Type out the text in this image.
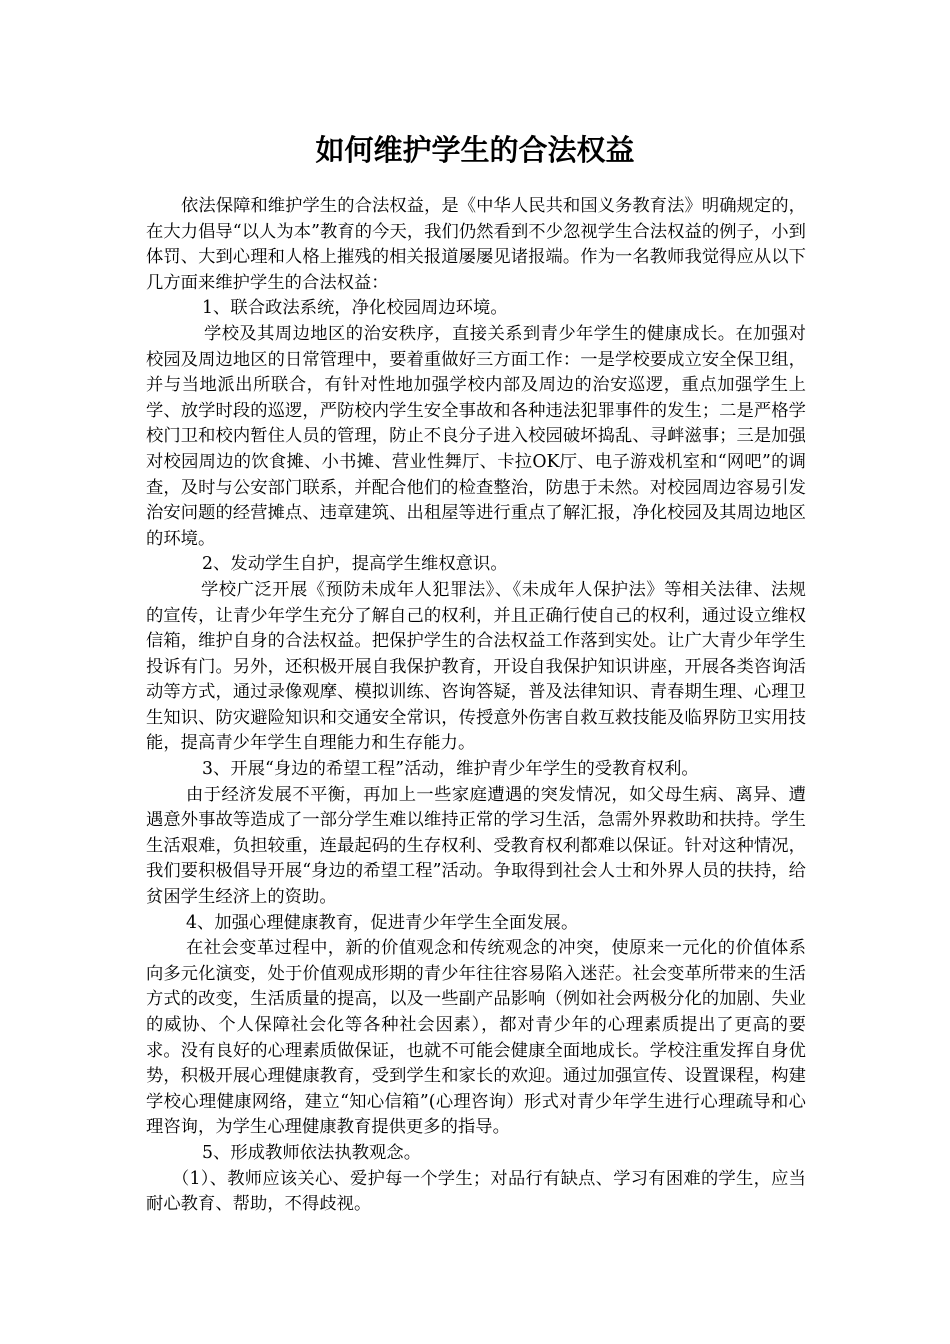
如何维护学生的合法权益

依法保障和维护学生的合法权益，是《中华人民共和国义务教育法》明确规定的，在大力倡导“以人为本”教育的今天，我们仍然看到不少忽视学生合法权益的例子，小到体罚、大到心理和人格上摧残的相关报道屡屡见诸报端。作为一名教师我觉得应从以下几方面来维护学生的合法权益：

1、联合政法系统，净化校园周边环境。

学校及其周边地区的治安秩序，直接关系到青少年学生的健康成长。在加强对校园及周边地区的日常管理中，要着重做好三方面工作：一是学校要成立安全保卫组，并与当地派出所联合，有针对性地加强学校内部及周边的治安巡逻，重点加强学生上学、放学时段的巡逻，严防校内学生安全事故和各种违法犯罪事件的发生；二是严格学校门卫和校内暂住人员的管理，防止不良分子进入校园破坏捣乱、寻衅滋事；三是加强对校园周边的饮食摊、小书摊、营业性舞厅、卡拉OK厅、电子游戏机室和“网吧”的调查，及时与公安部门联系，并配合他们的检查整治，防患于未然。对校园周边容易引发治安问题的经营摊点、违章建筑、出租屋等进行重点了解汇报，净化校园及其周边地区的环境。

2、发动学生自护，提高学生维权意识。

学校广泛开展《预防未成年人犯罪法》、《未成年人保护法》等相关法律、法规的宣传，让青少年学生充分了解自己的权利，并且正确行使自己的权利，通过设立维权信箱，维护自身的合法权益。把保护学生的合法权益工作落到实处。让广大青少年学生投诉有门。另外，还积极开展自我保护教育，开设自我保护知识讲座，开展各类咨询活动等方式，通过录像观摩、模拟训练、咨询答疑，普及法律知识、青春期生理、心理卫生知识、防灾避险知识和交通安全常识，传授意外伤害自救互救技能及临界防卫实用技能，提高青少年学生自理能力和生存能力。

3、开展“身边的希望工程”活动，维护青少年学生的受教育权利。

由于经济发展不平衡，再加上一些家庭遭遇的突发情况，如父母生病、离异、遭遇意外事故等造成了一部分学生难以维持正常的学习生活，急需外界救助和扶持。学生生活艰难，负担较重，连最起码的生存权利、受教育权利都难以保证。针对这种情况，我们要积极倡导开展“身边的希望工程”活动。争取得到社会人士和外界人员的扶持，给贫困学生经济上的资助。

4、加强心理健康教育，促进青少年学生全面发展。

在社会变革过程中，新的价值观念和传统观念的冲突，使原来一元化的价值体系向多元化演变，处于价值观成形期的青少年往往容易陷入迷茫。社会变革所带来的生活方式的改变，生活质量的提高，以及一些副产品影响（例如社会两极分化的加剧、失业的威协、个人保障社会化等各种社会因素），都对青少年的心理素质提出了更高的要求。没有良好的心理素质做保证，也就不可能会健康全面地成长。学校注重发挥自身优势，积极开展心理健康教育，受到学生和家长的欢迎。通过加强宣传、设置课程，构建学校心理健康网络，建立“知心信箱”(心理咨询）形式对青少年学生进行心理疏导和心理咨询，为学生心理健康教育提供更多的指导。

5、形成教师依法执教观念。

（1）、教师应该关心、爱护每一个学生；对品行有缺点、学习有困难的学生，应当耐心教育、帮助，不得歧视。
